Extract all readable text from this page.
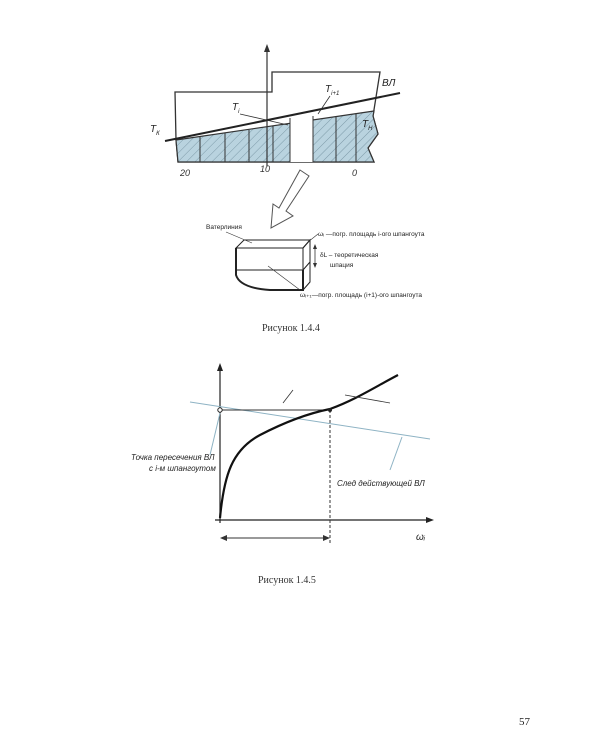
ВЛ
$T_{i+1}$
$T_i$
$T_К$
$T_Н$
20	10	0
Ватерлиния
ωᵢ —погр. площадь i-ого шпангоута
δL – теоретическая
шпация
ωᵢ₊₁—погр. площадь (i+1)-ого шпангоута
Рисунок 1.4.4
Точка пересечения ВЛ
с i-м шпангоутом
След действующей ВЛ
ωᵢ
Рисунок 1.4.5
57
